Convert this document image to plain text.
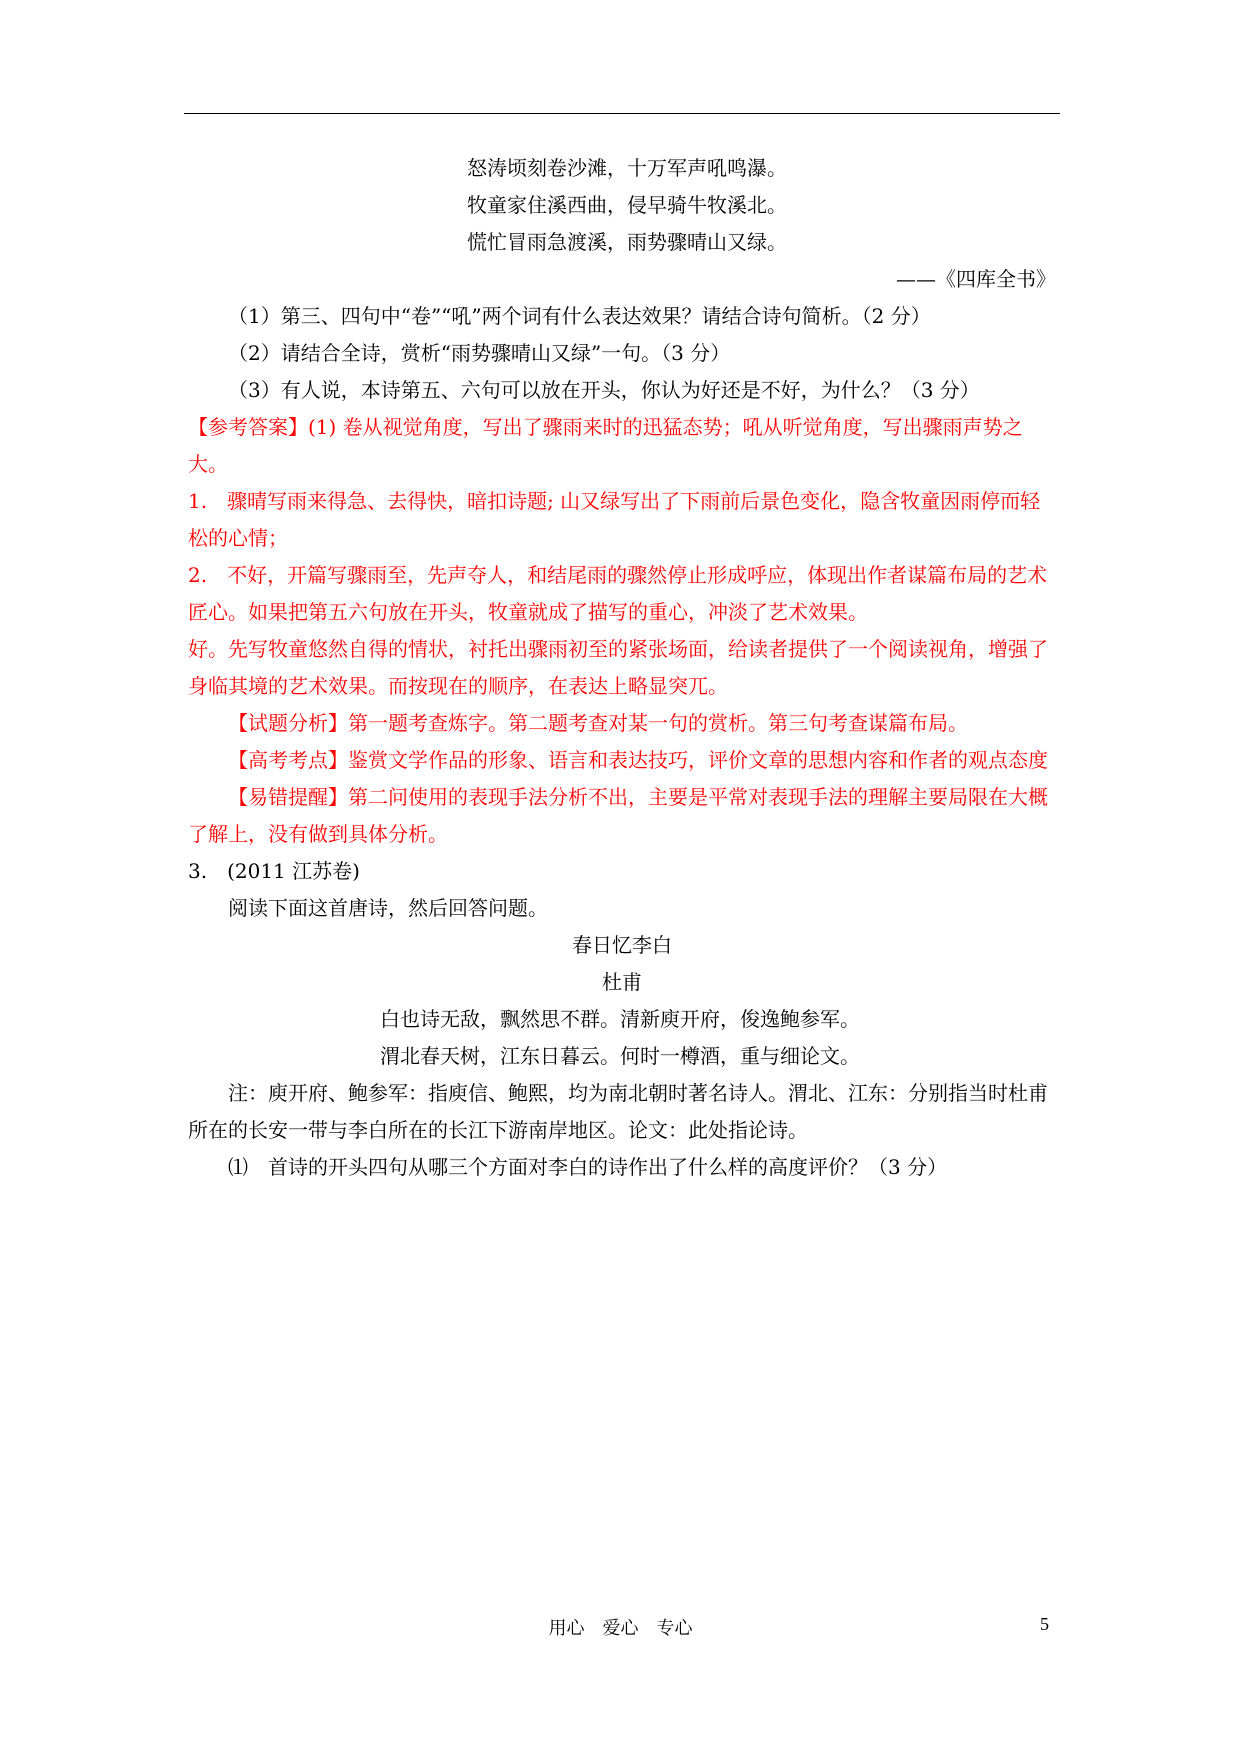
怒涛顷刻卷沙滩，十万军声吼鸣瀑。
牧童家住溪西曲，侵早骑牛牧溪北。
慌忙冒雨急渡溪，雨势骤晴山又绿。
——《四库全书》
（1）第三、四句中“卷”“吼”两个词有什么表达效果？请结合诗句简析。（2 分）
（2）请结合全诗，赏析“雨势骤晴山又绿”一句。（3 分）
（3）有人说，本诗第五、六句可以放在开头，你认为好还是不好，为什么？（3 分）
【参考答案】(1) 卷从视觉角度，写出了骤雨来时的迅猛态势；吼从听觉角度，写出骤雨声势之大。
1.　骤晴写雨来得急、去得快，暗扣诗题; 山又绿写出了下雨前后景色变化，隐含牧童因雨停而轻松的心情；
2.　不好，开篇写骤雨至，先声夺人，和结尾雨的骤然停止形成呼应，体现出作者谋篇布局的艺术匠心。如果把第五六句放在开头，牧童就成了描写的重心，冲淡了艺术效果。
好。先写牧童悠然自得的情状，衬托出骤雨初至的紧张场面，给读者提供了一个阅读视角，增强了身临其境的艺术效果。而按现在的顺序，在表达上略显突兀。
【试题分析】第一题考查炼字。第二题考查对某一句的赏析。第三句考查谋篇布局。
【高考考点】鉴赏文学作品的形象、语言和表达技巧，评价文章的思想内容和作者的观点态度
【易错提醒】第二问使用的表现手法分析不出，主要是平常对表现手法的理解主要局限在大概了解上，没有做到具体分析。
3.　(2011 江苏卷)
阅读下面这首唐诗，然后回答问题。
春日忆李白
杜甫
白也诗无敌，飘然思不群。清新庾开府，俊逸鲍参军。
渭北春天树，江东日暮云。何时一樽酒，重与细论文。
注：庾开府、鲍参军：指庾信、鲍熙，均为南北朝时著名诗人。渭北、江东：分别指当时杜甫所在的长安一带与李白所在的长江下游南岸地区。论文：此处指论诗。
⑴　首诗的开头四句从哪三个方面对李白的诗作出了什么样的高度评价？（3 分）
用心　爱心　专心	5
